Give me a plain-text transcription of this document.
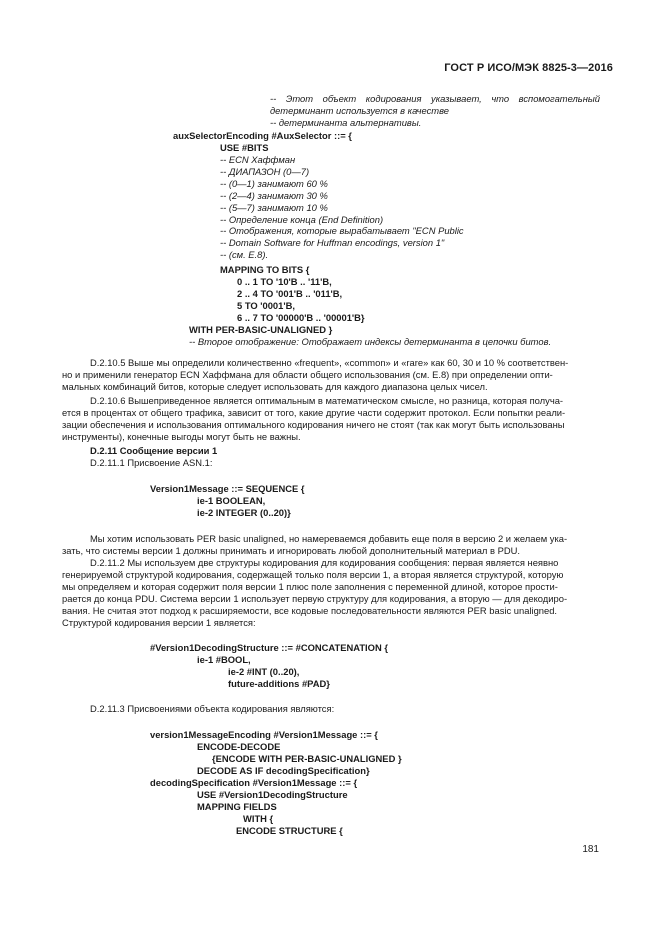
ГОСТ Р ИСО/МЭК 8825-3—2016
-- Этот объект кодирования указывает, что вспомогательный
детерминант используется в качестве
-- детерминанта альтернативы.
auxSelectorEncoding #AuxSelector ::= {
USE #BITS
-- ECN Хаффман
-- ДИАПАЗОН (0—7)
-- (0—1) занимают 60 %
-- (2—4) занимают 30 %
-- (5—7) занимают 10 %
-- Определение конца (End Definition)
-- Отображения, которые вырабатывает "ECN Public
-- Domain Software for Huffman encodings, version 1"
-- (см. E.8).
MAPPING TO BITS {
0 .. 1 TO '10'B .. '11'B,
2 .. 4 TO '001'B .. '011'B,
5 TO '0001'B,
6 .. 7 TO '00000'B .. '00001'B}
WITH PER-BASIC-UNALIGNED }
-- Второе отображение: Отображает индексы детерминанта в цепочки битов.
D.2.10.5 Выше мы определили количественно «frequent», «common» и «rare» как 60, 30 и 10 % соответствен-
но и применили генератор ECN Хаффмана для области общего использования (см. E.8) при определении опти-
мальных комбинаций битов, которые следует использовать для каждого диапазона целых чисел.
D.2.10.6 Вышеприведенное является оптимальным в математическом смысле, но разница, которая получа-
ется в процентах от общего трафика, зависит от того, какие другие части содержит протокол. Если попытки реали-
зации обеспечения и использования оптимального кодирования ничего не стоят (так как могут быть использованы
инструменты), конечные выгоды могут быть не важны.
D.2.11 Сообщение версии 1
D.2.11.1 Присвоение ASN.1:
Version1Message ::= SEQUENCE {
ie-1 BOOLEAN,
ie-2 INTEGER (0..20)}
Мы хотим использовать PER basic unaligned, но намереваемся добавить еще поля в версию 2 и желаем ука-
зать, что системы версии 1 должны принимать и игнорировать любой дополнительный материал в PDU.
D.2.11.2 Мы используем две структуры кодирования для кодирования сообщения: первая является неявно
генерируемой структурой кодирования, содержащей только поля версии 1, а вторая является структурой, которую
мы определяем и которая содержит поля версии 1 плюс поле заполнения с переменной длиной, которое прости-
рается до конца PDU. Система версии 1 использует первую структуру для кодирования, а вторую — для декодиро-
вания. Не считая этот подход к расширяемости, все кодовые последовательности являются PER basic unaligned.
Структурой кодирования версии 1 является:
#Version1DecodingStructure ::= #CONCATENATION {
ie-1 #BOOL,
ie-2 #INT (0..20),
future-additions #PAD}
D.2.11.3 Присвоениями объекта кодирования являются:
version1MessageEncoding #Version1Message ::= {
ENCODE-DECODE
{ENCODE WITH PER-BASIC-UNALIGNED }
DECODE AS IF decodingSpecification}
decodingSpecification #Version1Message ::= {
USE #Version1DecodingStructure
MAPPING FIELDS
WITH {
ENCODE STRUCTURE {
181
